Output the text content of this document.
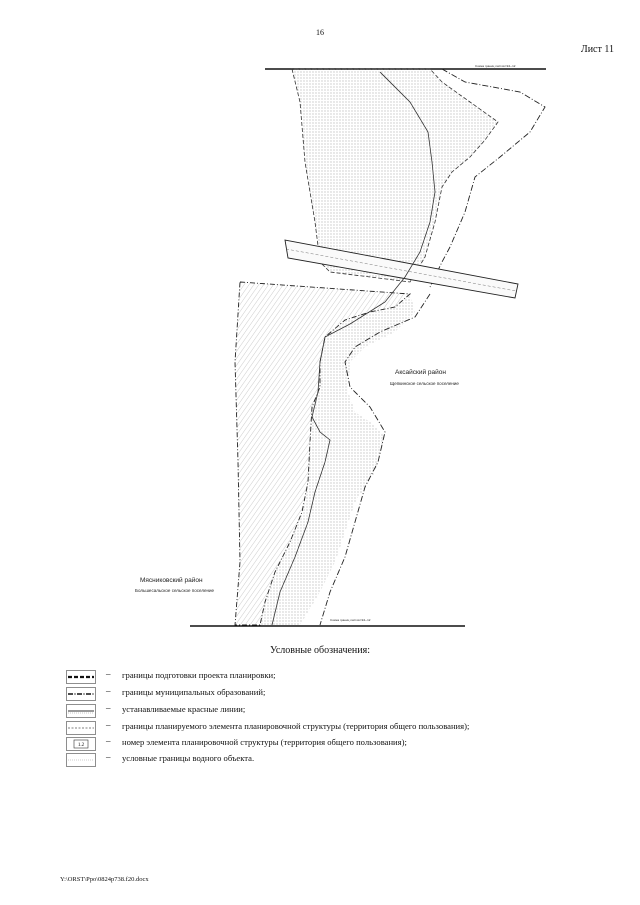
16
Лист 11
Схема границ листов №1–12
Аксайский район
Щепкинское сельское поселение
Мясниковский район
Большесальское сельское поселение
Схема границ листов №1–12
Условные обозначения:
– границы подготовки проекта планировки;
– границы муниципальных образований;
– устанавливаемые красные линии;
– границы планируемого элемента планировочной структуры (территория общего пользования);
1.2 – номер элемента планировочной структуры (территория общего пользования);
– условные границы водного объекта.
Y:\ORST\Ppo\0824p738.f20.docx
